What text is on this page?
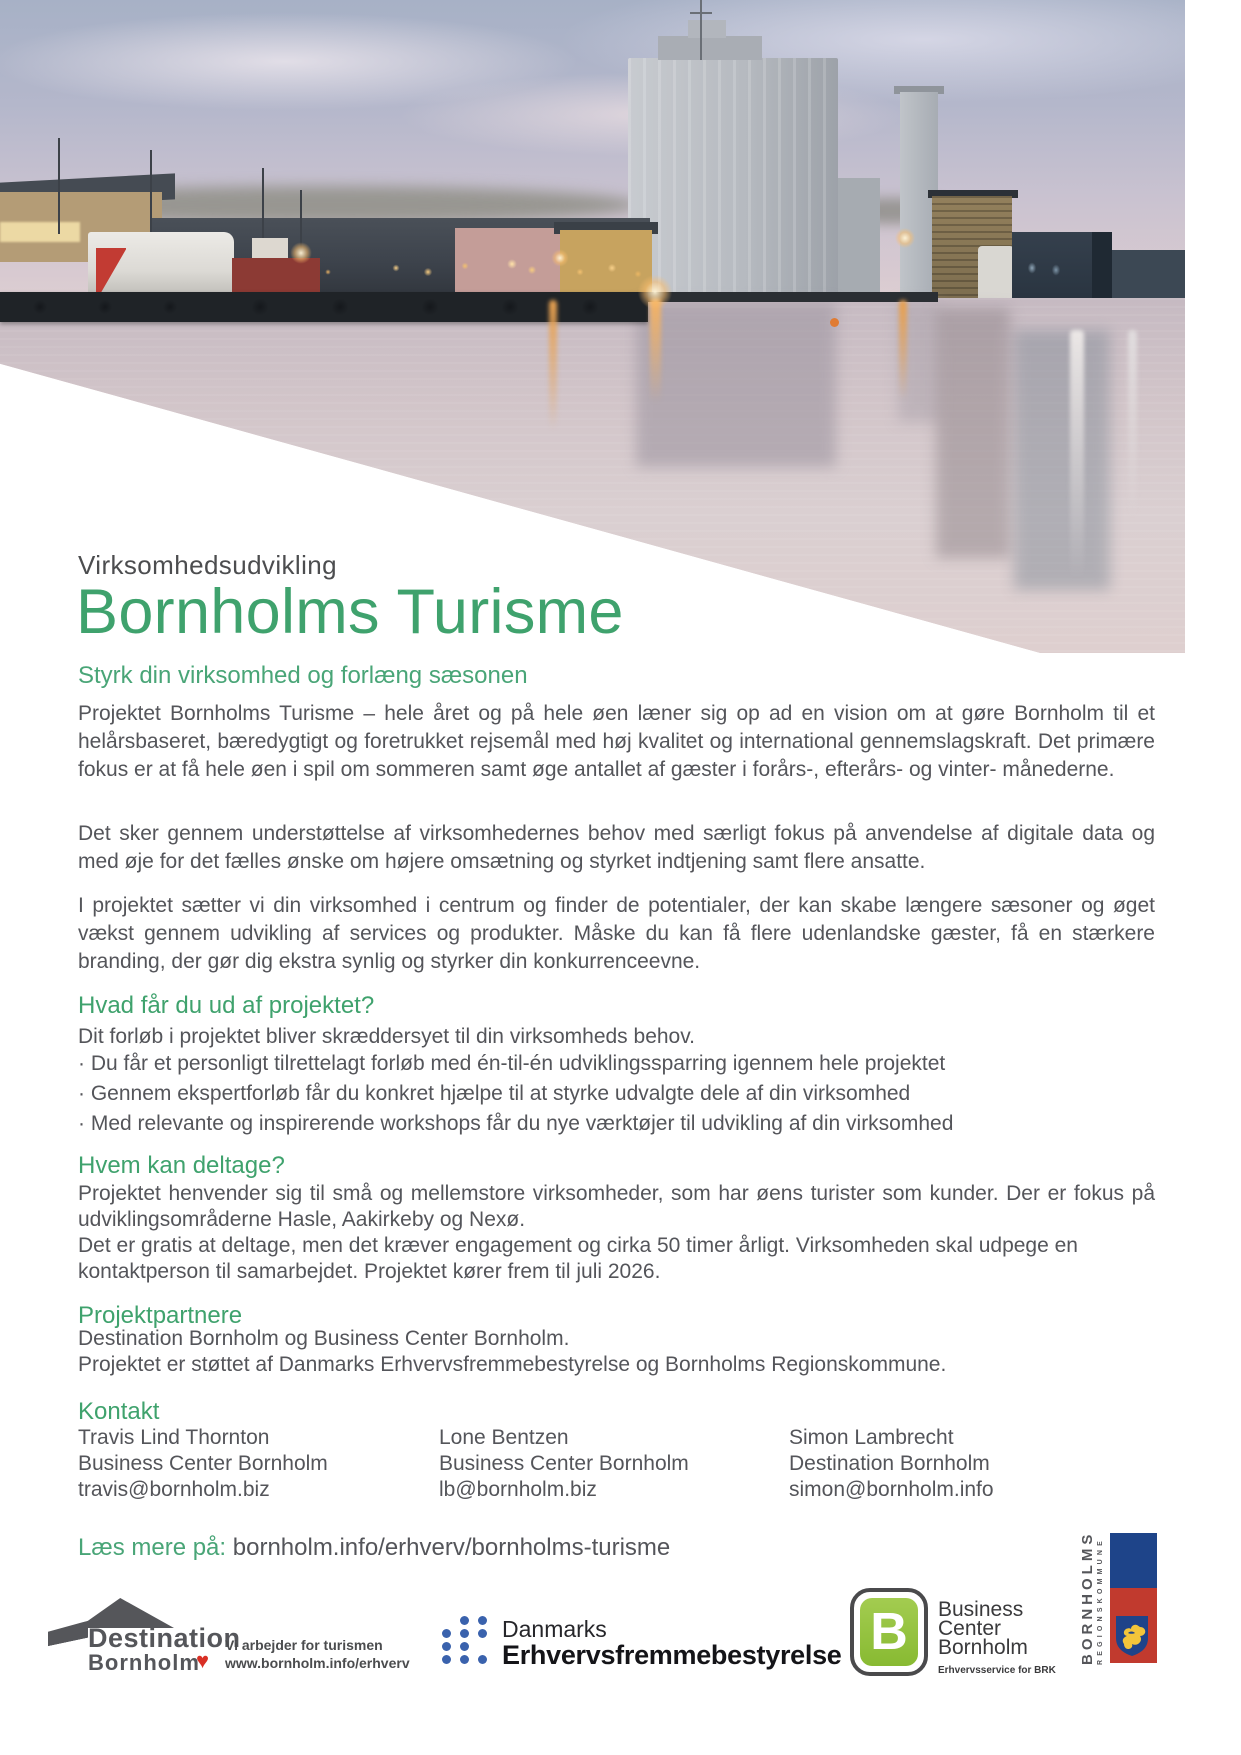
Virksomhedsudvikling
Bornholms Turisme
Styrk din virksomhed og forlæng sæsonen

Projektet Bornholms Turisme – hele året og på hele øen læner sig op ad en vision om at gøre Bornholm til et helårsbaseret, bæredygtigt og foretrukket rejsemål med høj kvalitet og international gennemslagskraft. Det primære fokus er at få hele øen i spil om sommeren samt øge antallet af gæster i forårs-, efterårs- og vinter- månederne.

Det sker gennem understøttelse af virksomhedernes behov med særligt fokus på anvendelse af digitale data og med øje for det fælles ønske om højere omsætning og styrket indtjening samt flere ansatte.

I projektet sætter vi din virksomhed i centrum og finder de potentialer, der kan skabe længere sæsoner og øget vækst gennem udvikling af services og produkter. Måske du kan få flere udenlandske gæster, få en stærkere branding, der gør dig ekstra synlig og styrker din konkurrenceevne.

Hvad får du ud af projektet?

Dit forløb i projektet bliver skræddersyet til din virksomheds behov.

· Du får et personligt tilrettelagt forløb med én-til-én udviklingssparring igennem hele projektet
· Gennem ekspertforløb får du konkret hjælpe til at styrke udvalgte dele af din virksomhed
· Med relevante og inspirerende workshops får du nye værktøjer til udvikling af din virksomhed
Hvem kan deltage?

Projektet henvender sig til små og mellemstore virksomheder, som har øens turister som kunder. Der er fokus på udviklingsområderne Hasle, Aakirkeby og Nexø.

Det er gratis at deltage, men det kræver engagement og cirka 50 timer årligt. Virksomheden skal udpege en kontaktperson til samarbejdet. Projektet kører frem til juli 2026.

Projektpartnere

Destination Bornholm og Business Center Bornholm.

Projektet er støttet af Danmarks Erhvervsfremmebestyrelse og Bornholms Regionskommune.

Kontakt
Travis Lind Thornton
Business Center Bornholm
travis@bornholm.biz
Lone Bentzen
Business Center Bornholm
lb@bornholm.biz
Simon Lambrecht
Destination Bornholm
simon@bornholm.info
Læs mere på: bornholm.info/erhverv/bornholms-turisme
Destination
Bornholm
♥
Vi arbejder for turismen
www.bornholm.info/erhverv
Danmarks
Erhvervsfremmebestyrelse B	Business
Center
Bornholm
Erhvervsservice for BRK
BORNHOLMS REGIONSKOMMUNE
